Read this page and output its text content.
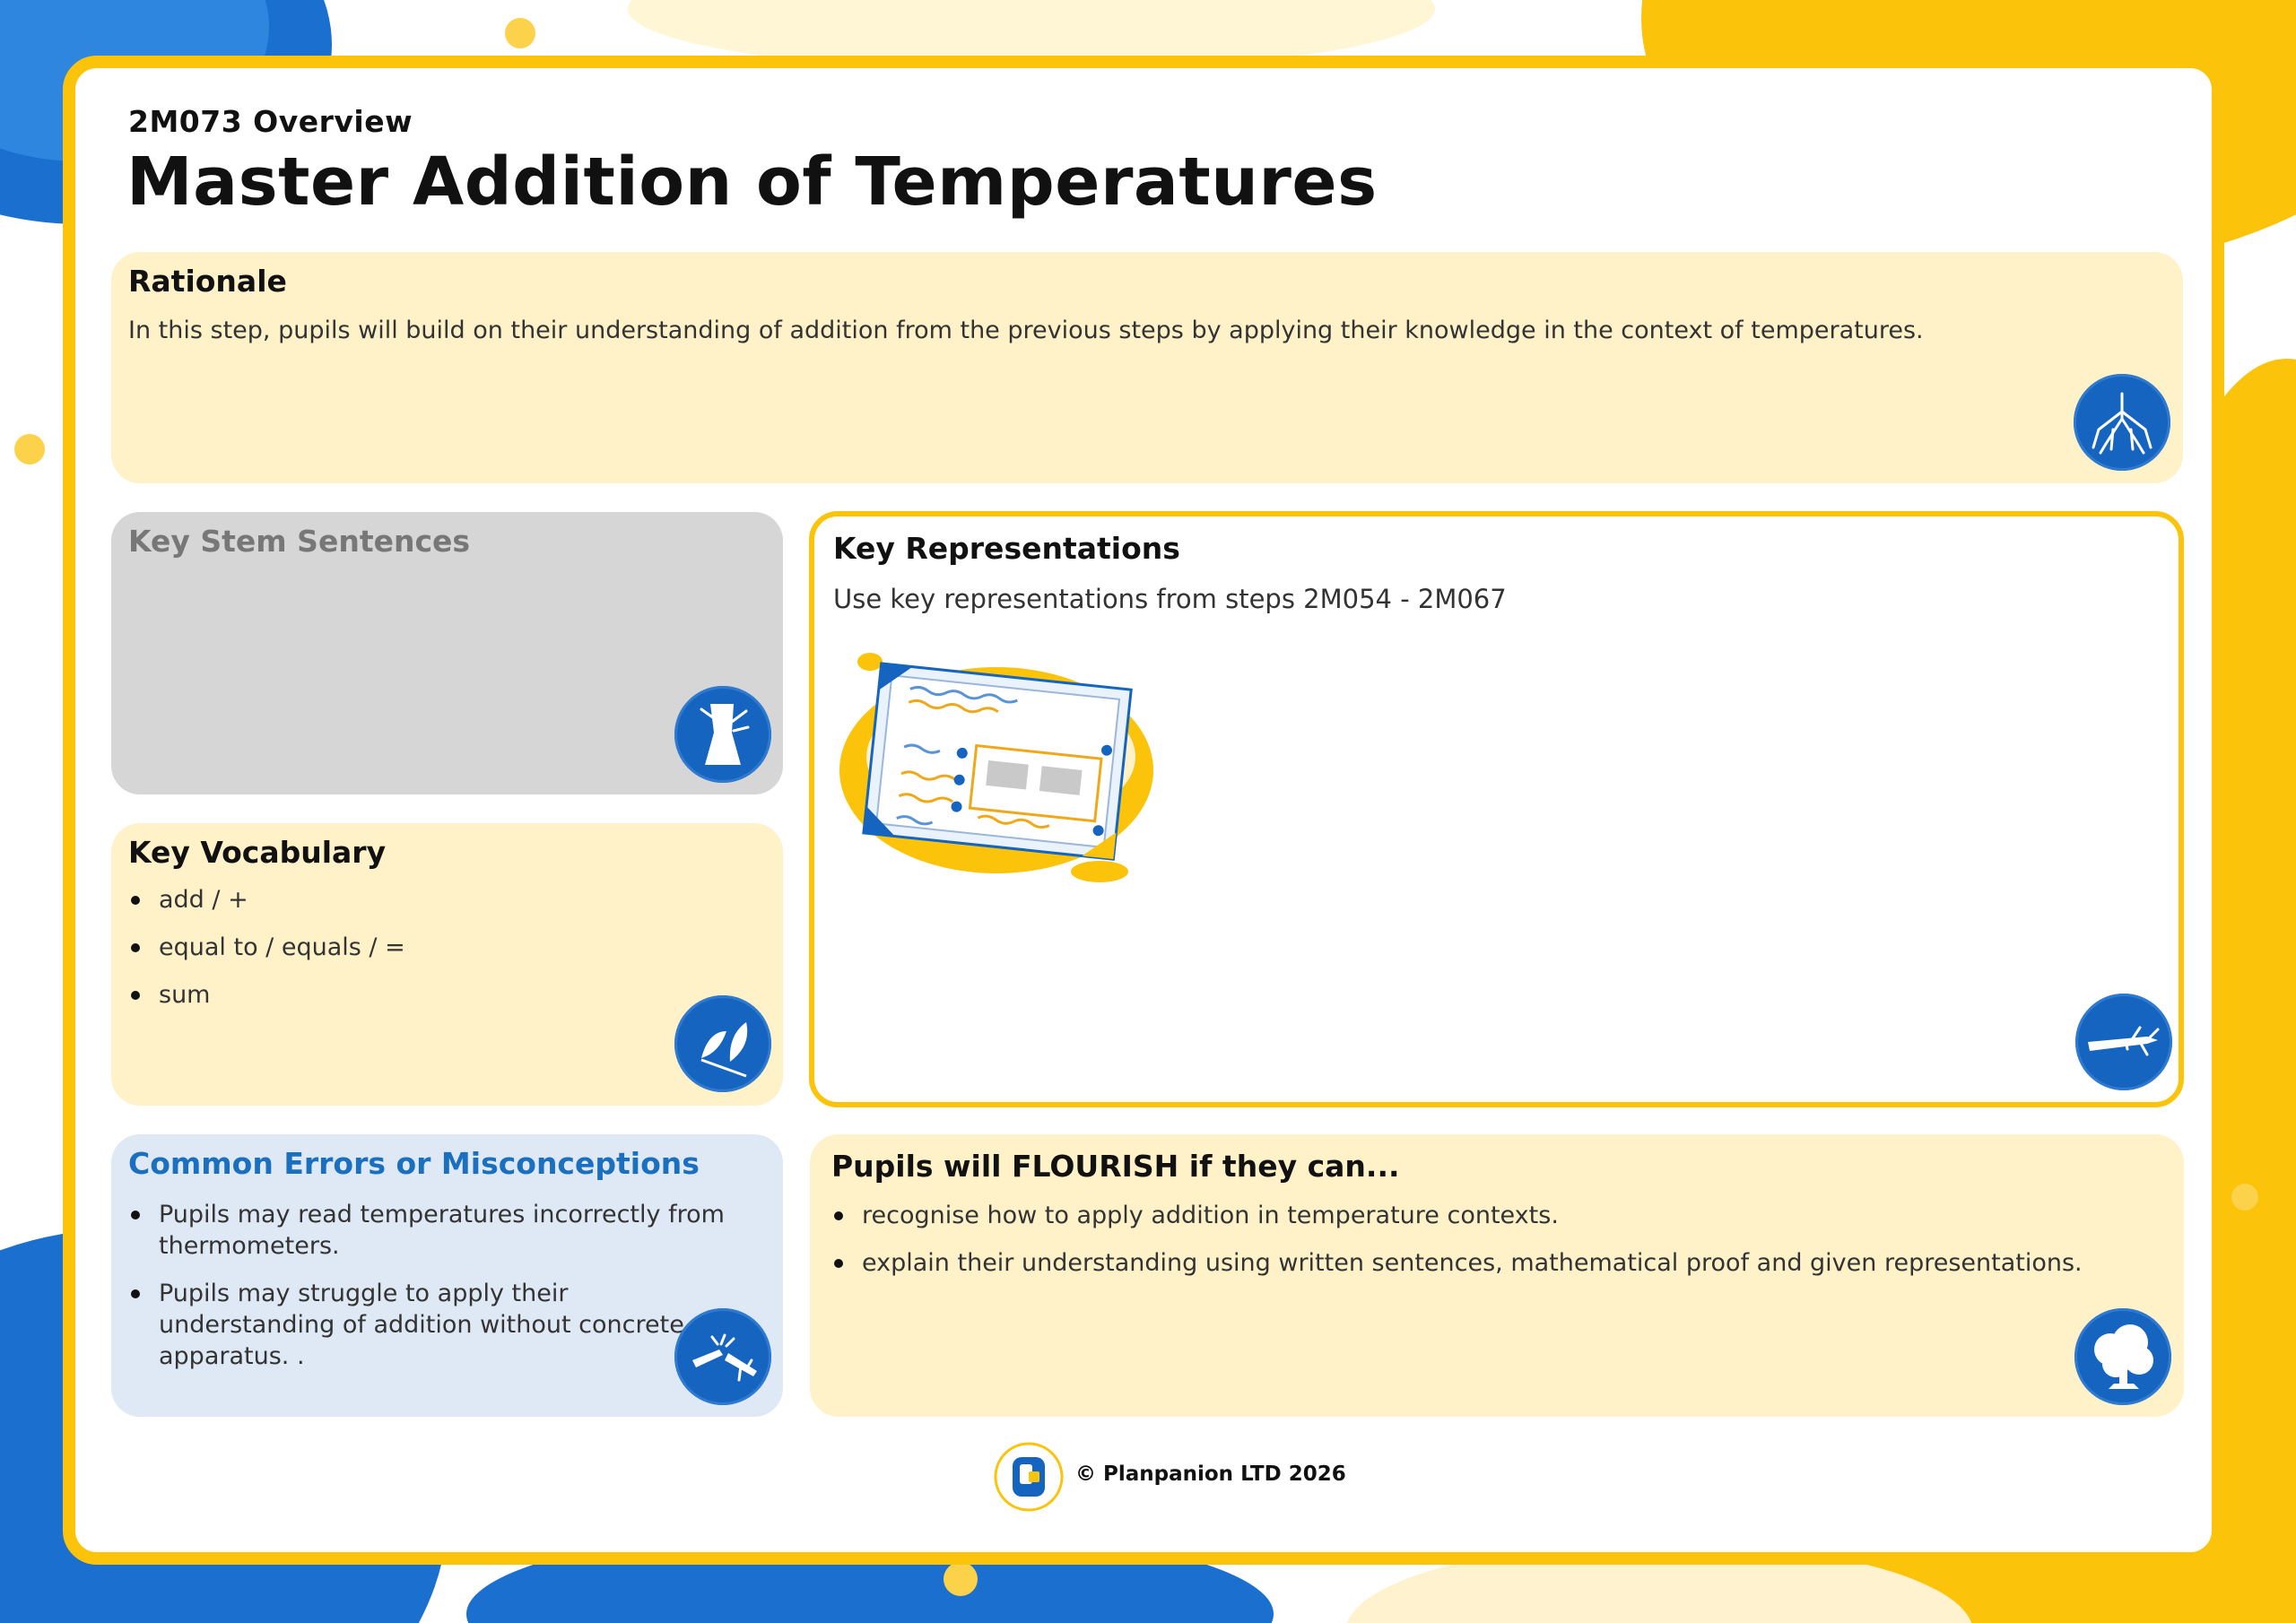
2M073 Overview
Master Addition of Temperatures
Rationale

In this step, pupils will build on their understanding of addition from the previous steps by applying their knowledge in the context of temperatures.

Key Stem Sentences
Key Vocabulary
add / +
equal to / equals / =
sum
Common Errors or Misconceptions
Pupils may read temperatures incorrectly from thermometers.
Pupils may struggle to apply their understanding of addition without concrete apparatus. .
Key Representations

Use key representations from steps 2M054 - 2M067

Pupils will FLOURISH if they can...
recognise how to apply addition in temperature contexts.
explain their understanding using written sentences, mathematical proof and given representations.
© Planpanion LTD 2026
